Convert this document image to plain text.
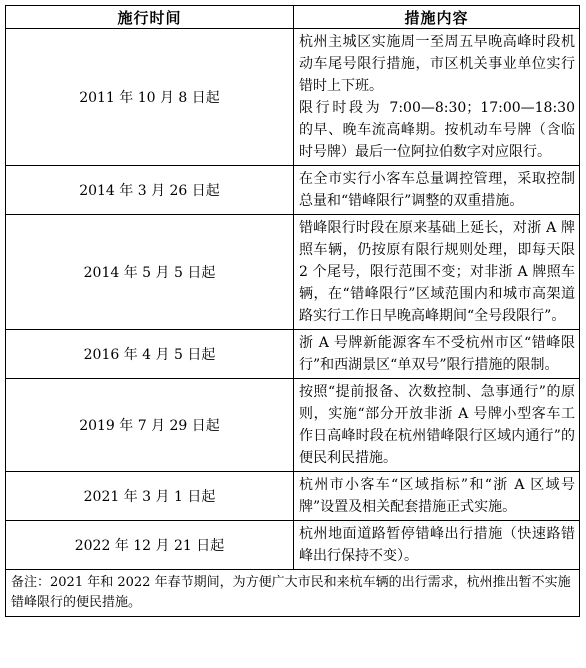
施行时间	措施内容
2011 年 10 月 8 日起	杭州主城区实施周一至周五早晚高峰时段机动车尾号限行措施，市区机关事业单位实行错时上下班。

限行时段为 7:00—8:30；17:00—18:30 的早、晚车流高峰期。按机动车号牌（含临时号牌）最后一位阿拉伯数字对应限行。

2014 年 3 月 26 日起	在全市实行小客车总量调控管理，采取控制总量和“错峰限行”调整的双重措施。

2014 年 5 月 5 日起	错峰限行时段在原来基础上延长，对浙 A 牌照车辆，仍按原有限行规则处理，即每天限 2 个尾号，限行范围不变；对非浙 A 牌照车辆，在“错峰限行”区域范围内和城市高架道路实行工作日早晚高峰期间“全号段限行”。

2016 年 4 月 5 日起	浙 A 号牌新能源客车不受杭州市区“错峰限行”和西湖景区“单双号”限行措施的限制。

2019 年 7 月 29 日起	按照“提前报备、次数控制、急事通行”的原则，实施“部分开放非浙 A 号牌小型客车工作日高峰时段在杭州错峰限行区域内通行”的便民利民措施。

2021 年 3 月 1 日起	杭州市小客车“区域指标”和“浙 A 区域号牌”设置及相关配套措施正式实施。

2022 年 12 月 21 日起	杭州地面道路暂停错峰出行措施（快速路错峰出行保持不变）。

备注：2021 年和 2022 年春节期间，为方便广大市民和来杭车辆的出行需求，杭州推出暂不实施错峰限行的便民措施。	
